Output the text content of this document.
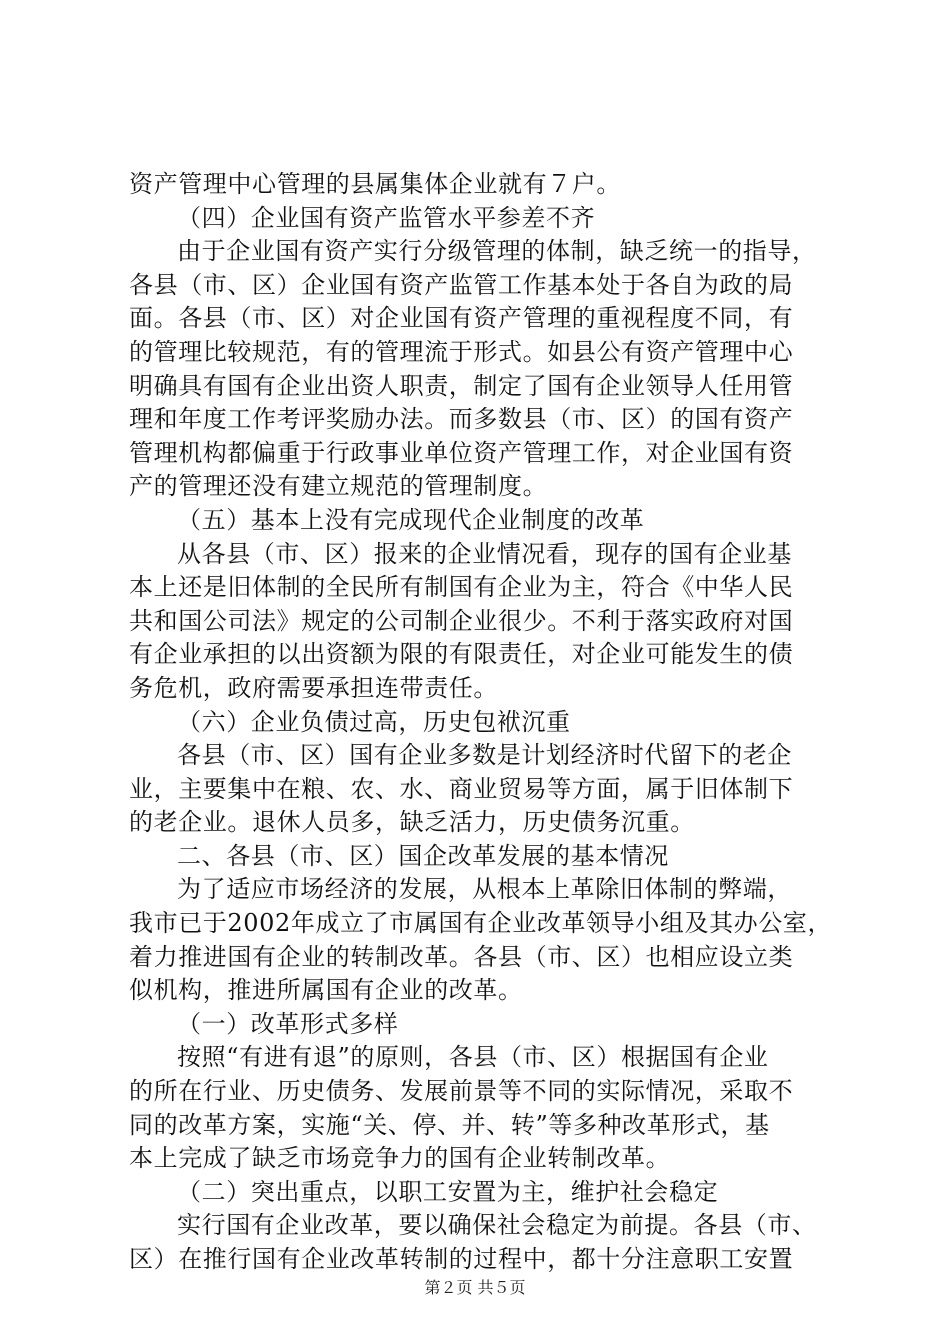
资产管理中心管理的县属集体企业就有７户。
（四）企业国有资产监管水平参差不齐
由于企业国有资产实行分级管理的体制，缺乏统一的指导，
各县（市、区）企业国有资产监管工作基本处于各自为政的局
面。各县（市、区）对企业国有资产管理的重视程度不同，有
的管理比较规范，有的管理流于形式。如县公有资产管理中心
明确具有国有企业出资人职责，制定了国有企业领导人任用管
理和年度工作考评奖励办法。而多数县（市、区）的国有资产
管理机构都偏重于行政事业单位资产管理工作，对企业国有资
产的管理还没有建立规范的管理制度。
（五）基本上没有完成现代企业制度的改革
从各县（市、区）报来的企业情况看，现存的国有企业基
本上还是旧体制的全民所有制国有企业为主，符合《中华人民
共和国公司法》规定的公司制企业很少。不利于落实政府对国
有企业承担的以出资额为限的有限责任，对企业可能发生的债
务危机，政府需要承担连带责任。
（六）企业负债过高，历史包袱沉重
各县（市、区）国有企业多数是计划经济时代留下的老企
业，主要集中在粮、农、水、商业贸易等方面，属于旧体制下
的老企业。退休人员多，缺乏活力，历史债务沉重。
二、各县（市、区）国企改革发展的基本情况
为了适应市场经济的发展，从根本上革除旧体制的弊端，
我市已于2002年成立了市属国有企业改革领导小组及其办公室，
着力推进国有企业的转制改革。各县（市、区）也相应设立类
似机构，推进所属国有企业的改革。
（一）改革形式多样
按照“有进有退”的原则，各县（市、区）根据国有企业
的所在行业、历史债务、发展前景等不同的实际情况，采取不
同的改革方案，实施“关、停、并、转”等多种改革形式，基
本上完成了缺乏市场竞争力的国有企业转制改革。
（二）突出重点，以职工安置为主，维护社会稳定
实行国有企业改革，要以确保社会稳定为前提。各县（市、
区）在推行国有企业改革转制的过程中，都十分注意职工安置
第２页 共５页
